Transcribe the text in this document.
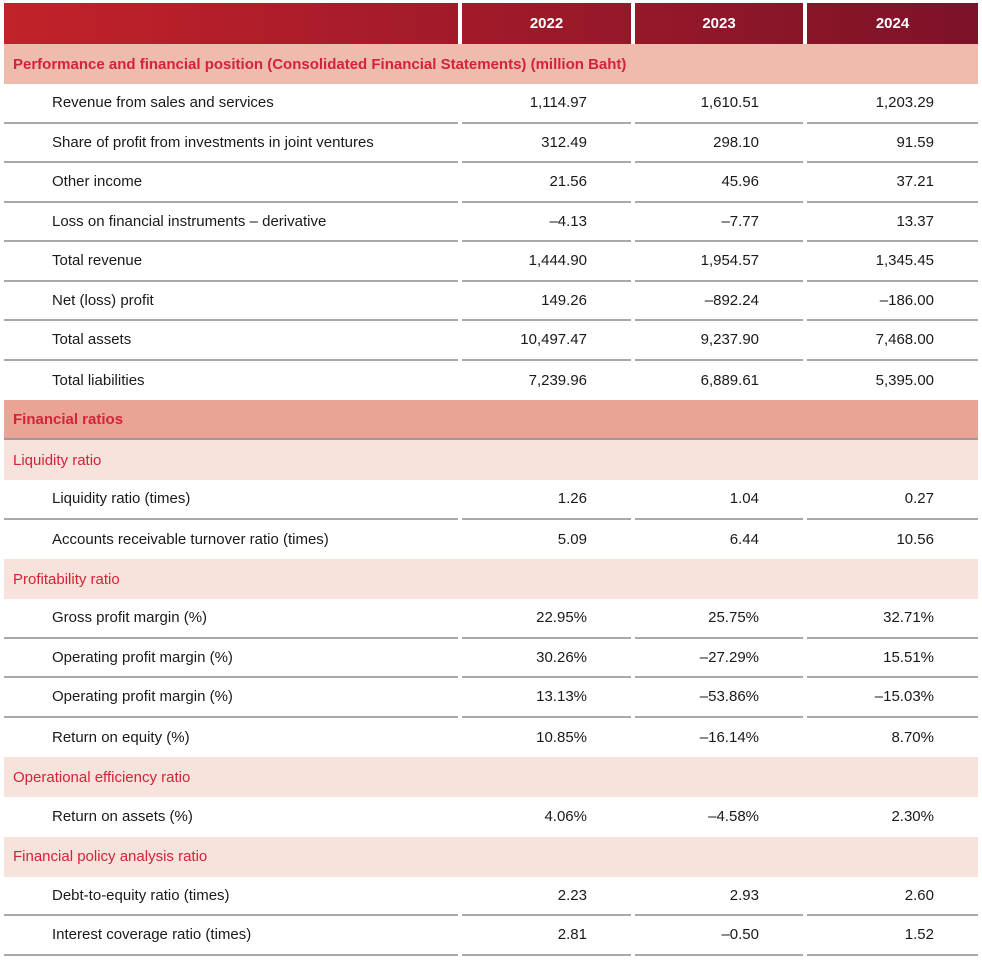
	2022	2023	2024
Performance and financial position (Consolidated Financial Statements) (million Baht)			
Revenue from sales and services	1,114.97	1,610.51	1,203.29
Share of profit from investments in joint ventures	312.49	298.10	91.59
Other income	21.56	45.96	37.21
Loss on financial instruments – derivative	–4.13	–7.77	13.37
Total revenue	1,444.90	1,954.57	1,345.45
Net (loss) profit	149.26	–892.24	–186.00
Total assets	10,497.47	9,237.90	7,468.00
Total liabilities	7,239.96	6,889.61	5,395.00
Financial ratios			
Liquidity ratio			
Liquidity ratio (times)	1.26	1.04	0.27
Accounts receivable turnover ratio (times)	5.09	6.44	10.56
Profitability ratio			
Gross profit margin (%)	22.95%	25.75%	32.71%
Operating profit margin (%)	30.26%	–27.29%	15.51%
Operating profit margin (%)	13.13%	–53.86%	–15.03%
Return on equity (%)	10.85%	–16.14%	8.70%
Operational efficiency ratio			
Return on assets (%)	4.06%	–4.58%	2.30%
Financial policy analysis ratio			
Debt-to-equity ratio (times)	2.23	2.93	2.60
Interest coverage ratio (times)	2.81	–0.50	1.52
